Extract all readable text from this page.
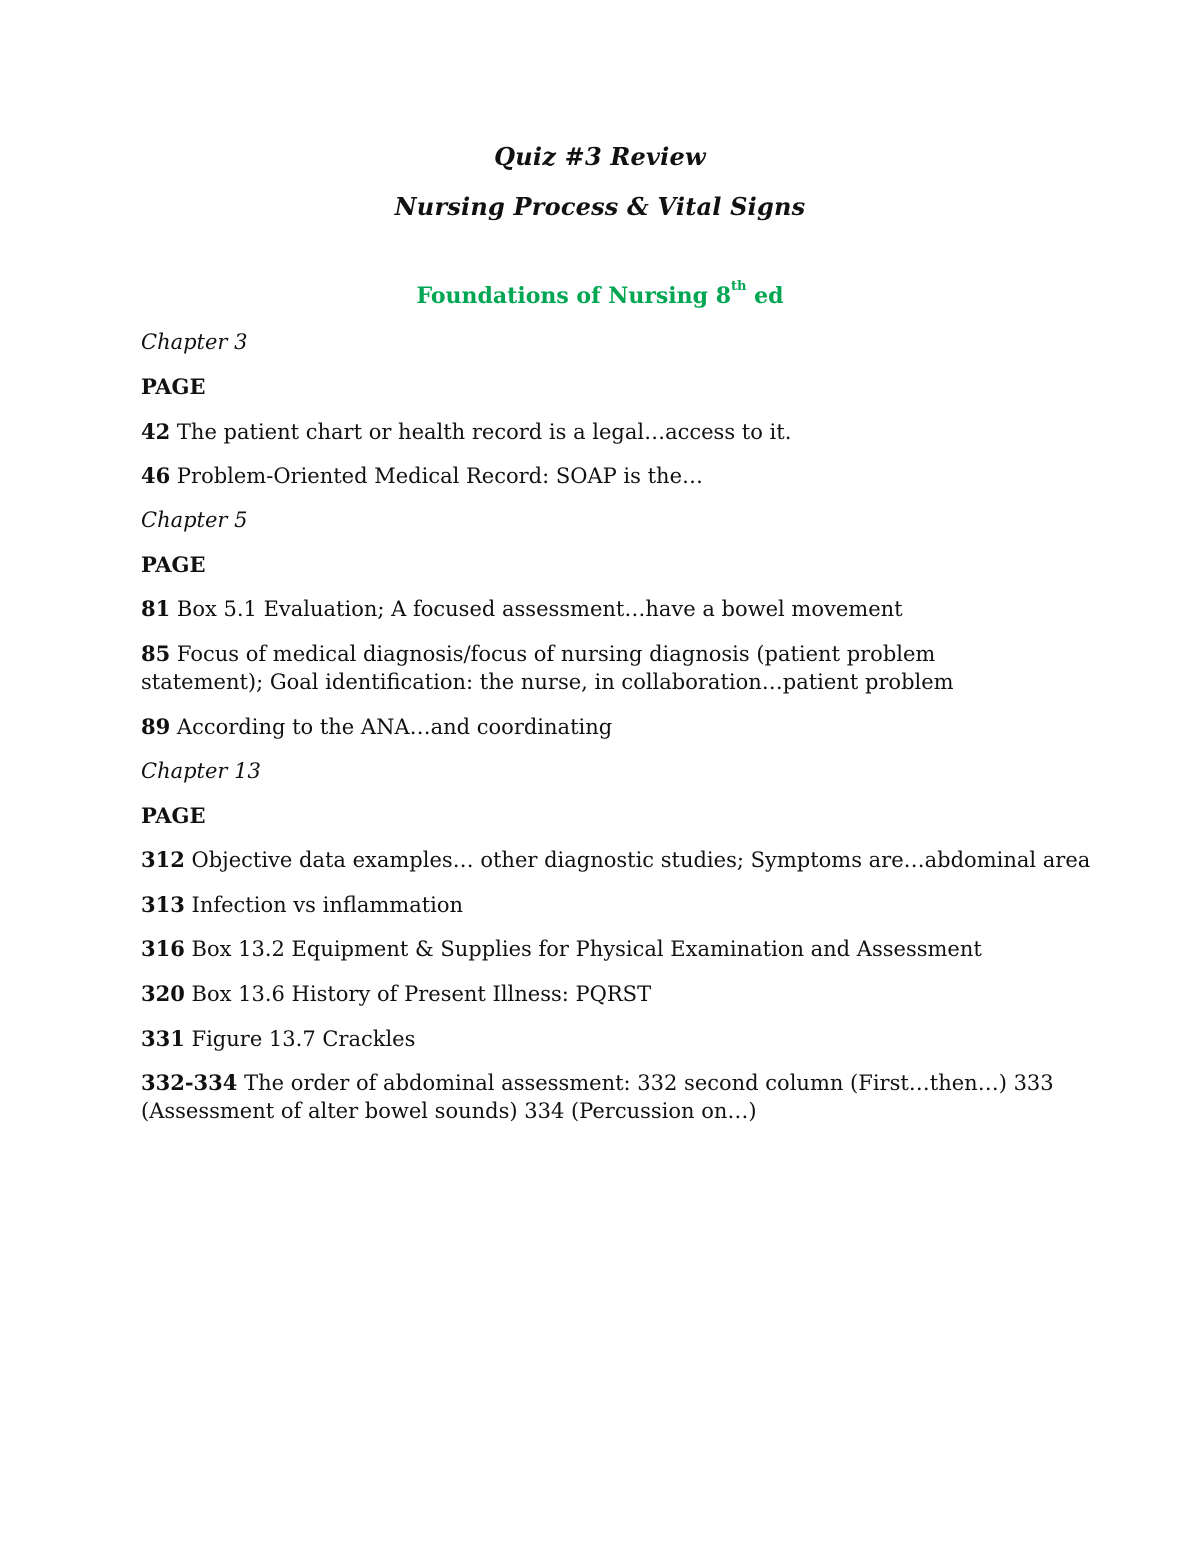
Quiz #3 Review
Nursing Process & Vital Signs
Foundations of Nursing 8th ed
Chapter 3
PAGE
42 The patient chart or health record is a legal…access to it.
46 Problem-Oriented Medical Record: SOAP is the…
Chapter 5
PAGE
81 Box 5.1 Evaluation; A focused assessment…have a bowel movement
85 Focus of medical diagnosis/focus of nursing diagnosis (patient problem statement); Goal identification: the nurse, in collaboration…patient problem
89 According to the ANA…and coordinating
Chapter 13
PAGE
312 Objective data examples… other diagnostic studies; Symptoms are…abdominal area
313 Infection vs inflammation
316 Box 13.2 Equipment & Supplies for Physical Examination and Assessment
320 Box 13.6 History of Present Illness: PQRST
331 Figure 13.7 Crackles
332-334 The order of abdominal assessment: 332 second column (First…then…) 333 (Assessment of alter bowel sounds) 334 (Percussion on…)
